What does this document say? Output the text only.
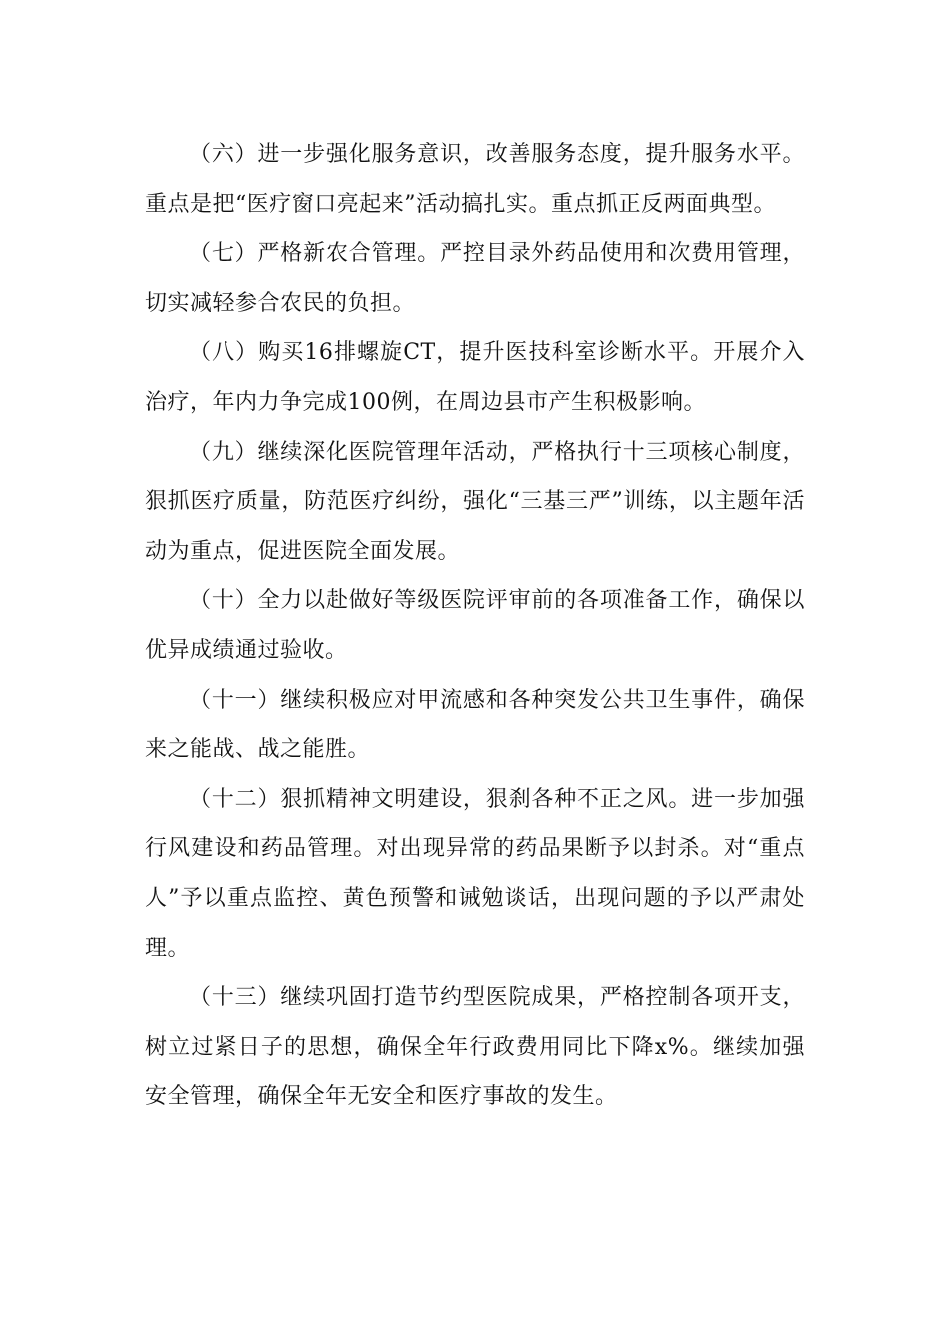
（六）进一步强化服务意识，改善服务态度，提升服务水平。重点是把“医疗窗口亮起来”活动搞扎实。重点抓正反两面典型。

（七）严格新农合管理。严控目录外药品使用和次费用管理，切实减轻参合农民的负担。

（八）购买16排螺旋CT，提升医技科室诊断水平。开展介入治疗，年内力争完成100例，在周边县市产生积极影响。

（九）继续深化医院管理年活动，严格执行十三项核心制度，狠抓医疗质量，防范医疗纠纷，强化“三基三严”训练，以主题年活动为重点，促进医院全面发展。

（十）全力以赴做好等级医院评审前的各项准备工作，确保以优异成绩通过验收。

（十一）继续积极应对甲流感和各种突发公共卫生事件，确保来之能战、战之能胜。

（十二）狠抓精神文明建设，狠刹各种不正之风。进一步加强行风建设和药品管理。对出现异常的药品果断予以封杀。对“重点人”予以重点监控、黄色预警和诫勉谈话，出现问题的予以严肃处理。

（十三）继续巩固打造节约型医院成果，严格控制各项开支，树立过紧日子的思想，确保全年行政费用同比下降x%。继续加强安全管理，确保全年无安全和医疗事故的发生。
